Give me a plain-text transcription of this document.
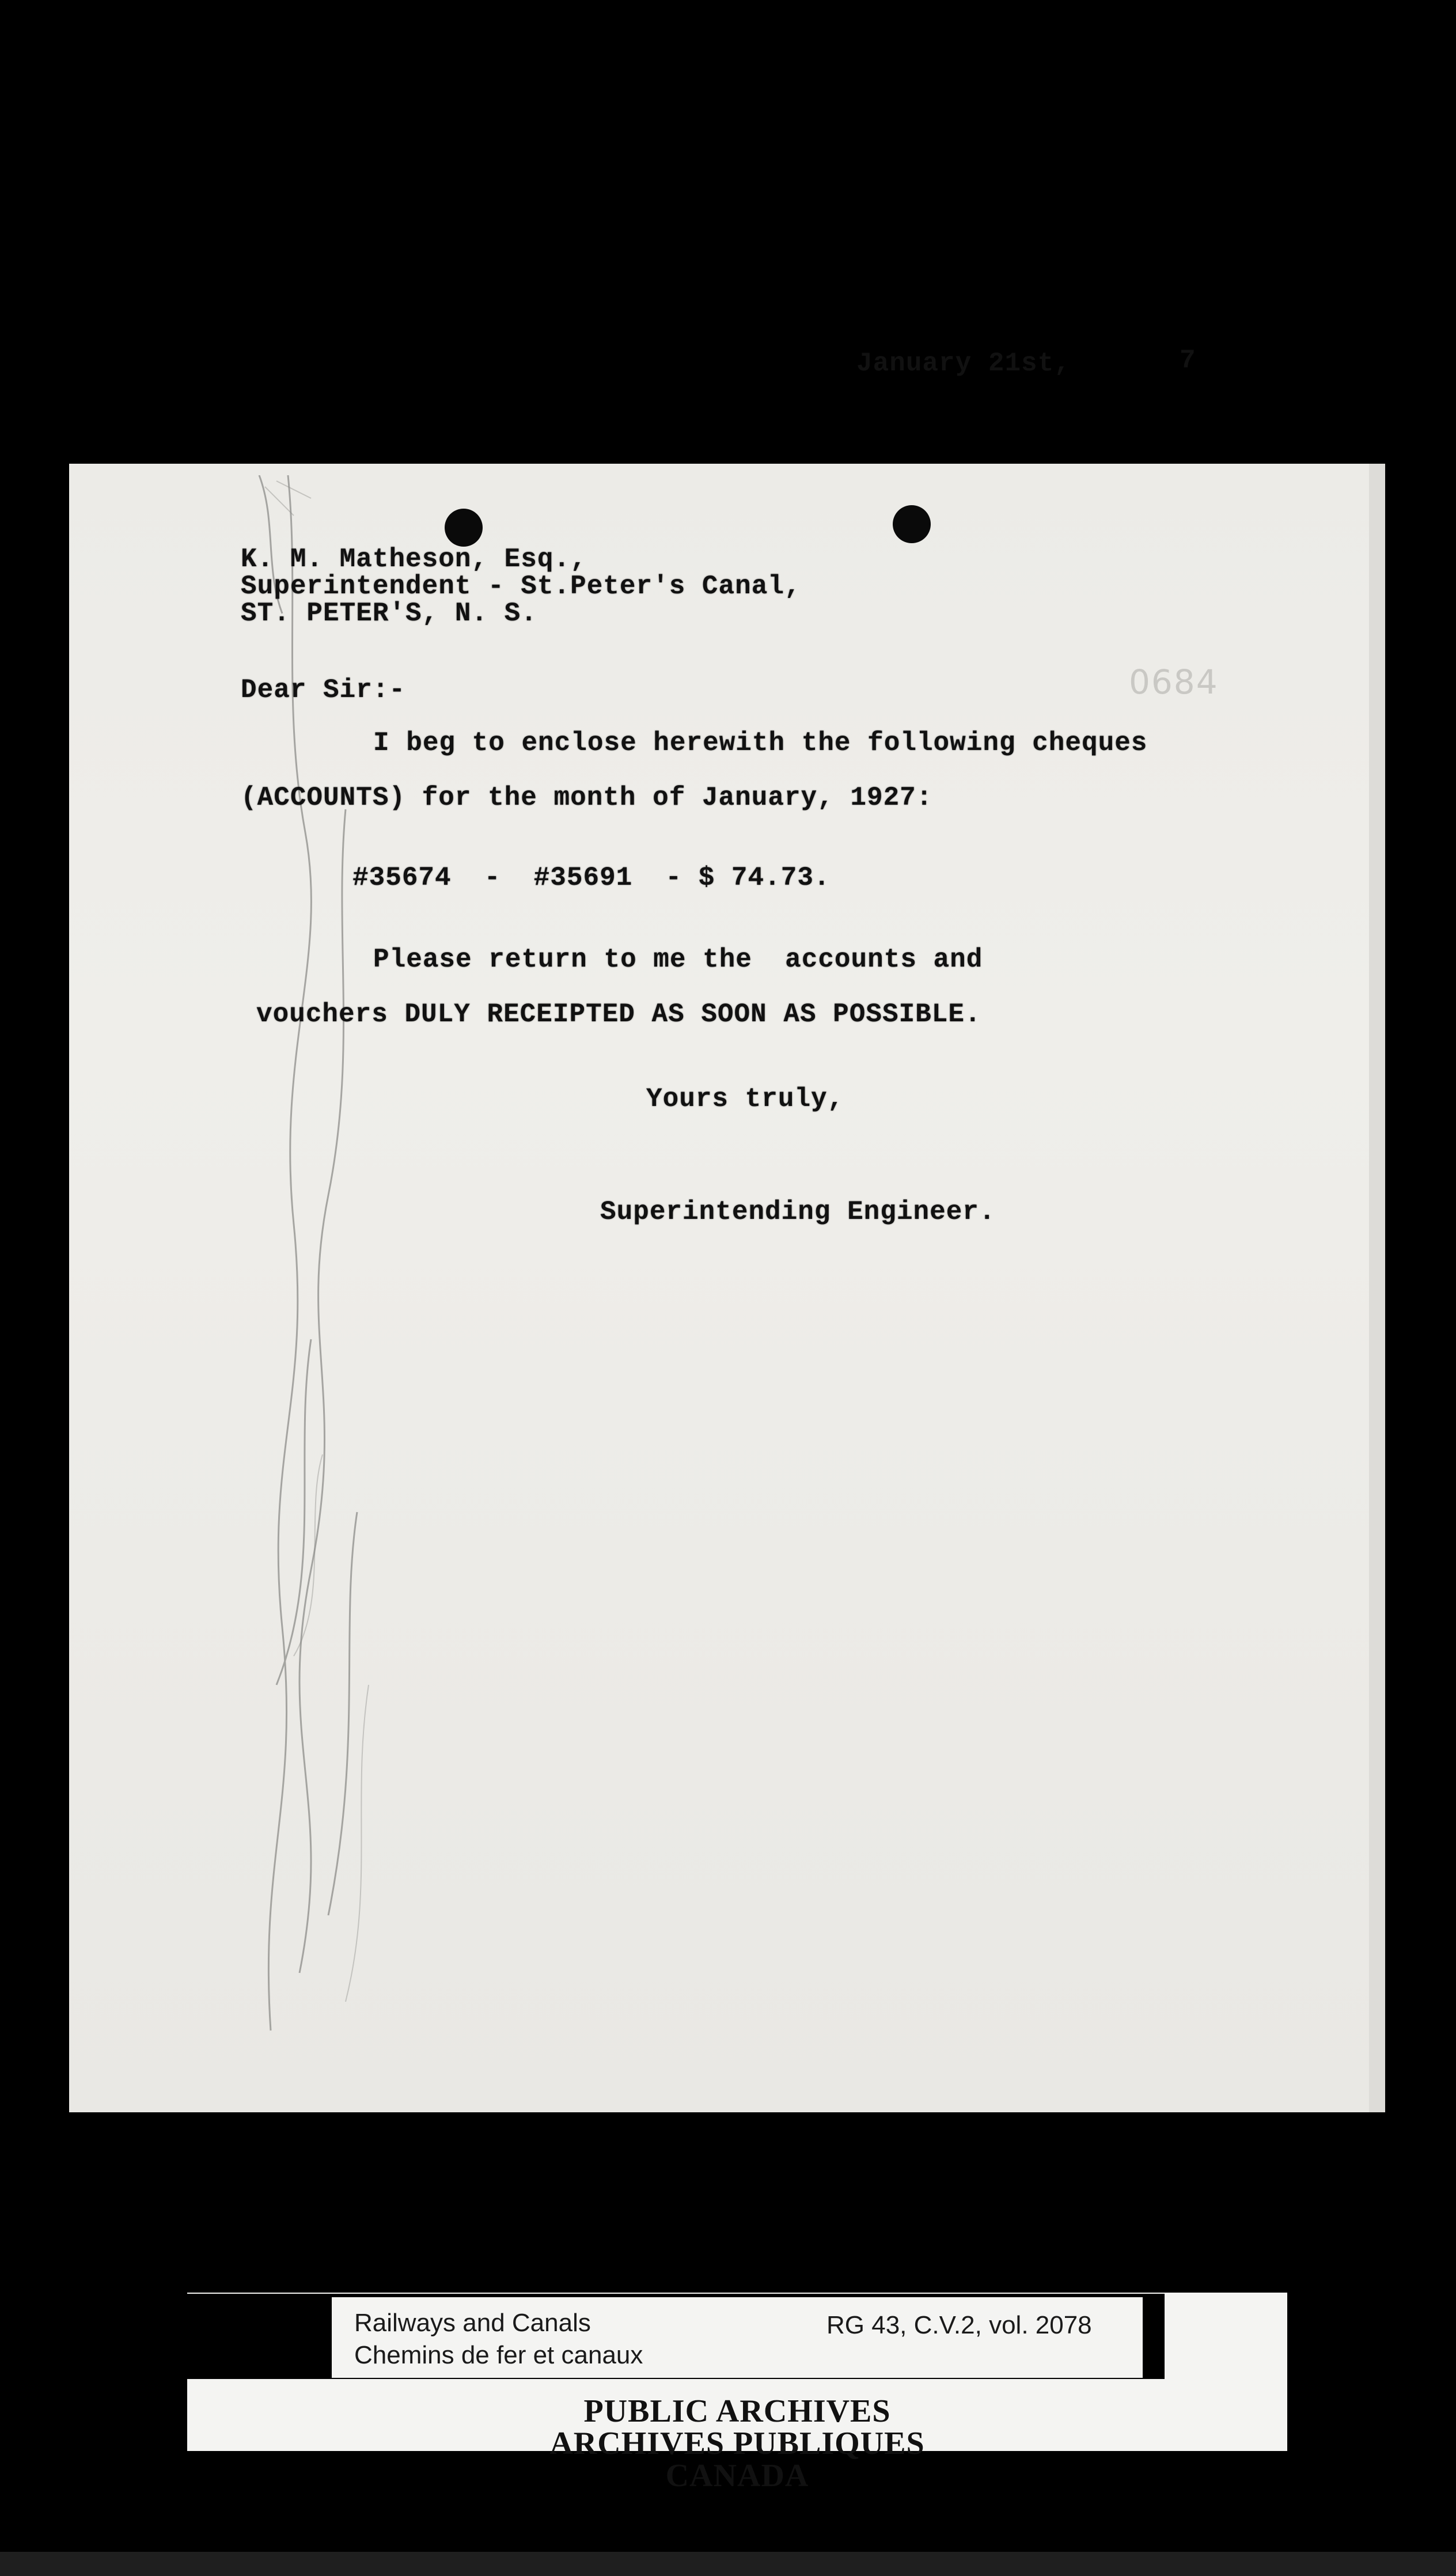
0684
January 21st,	7
K. M. Matheson, Esq.,
Superintendent - St.Peter's Canal,
ST. PETER'S, N. S.
Dear Sir:-
I beg to enclose herewith the following cheques
(ACCOUNTS) for the month of January, 1927:
#35674  -  #35691  - $ 74.73.
Please return to me the  accounts and
vouchers DULY RECEIPTED AS SOON AS POSSIBLE.
Yours truly,
Superintending Engineer.
Railways and Canals
Chemins de fer et canaux
RG 43, C.V.2, vol. 2078
PUBLIC ARCHIVES
ARCHIVES PUBLIQUES
CANADA
